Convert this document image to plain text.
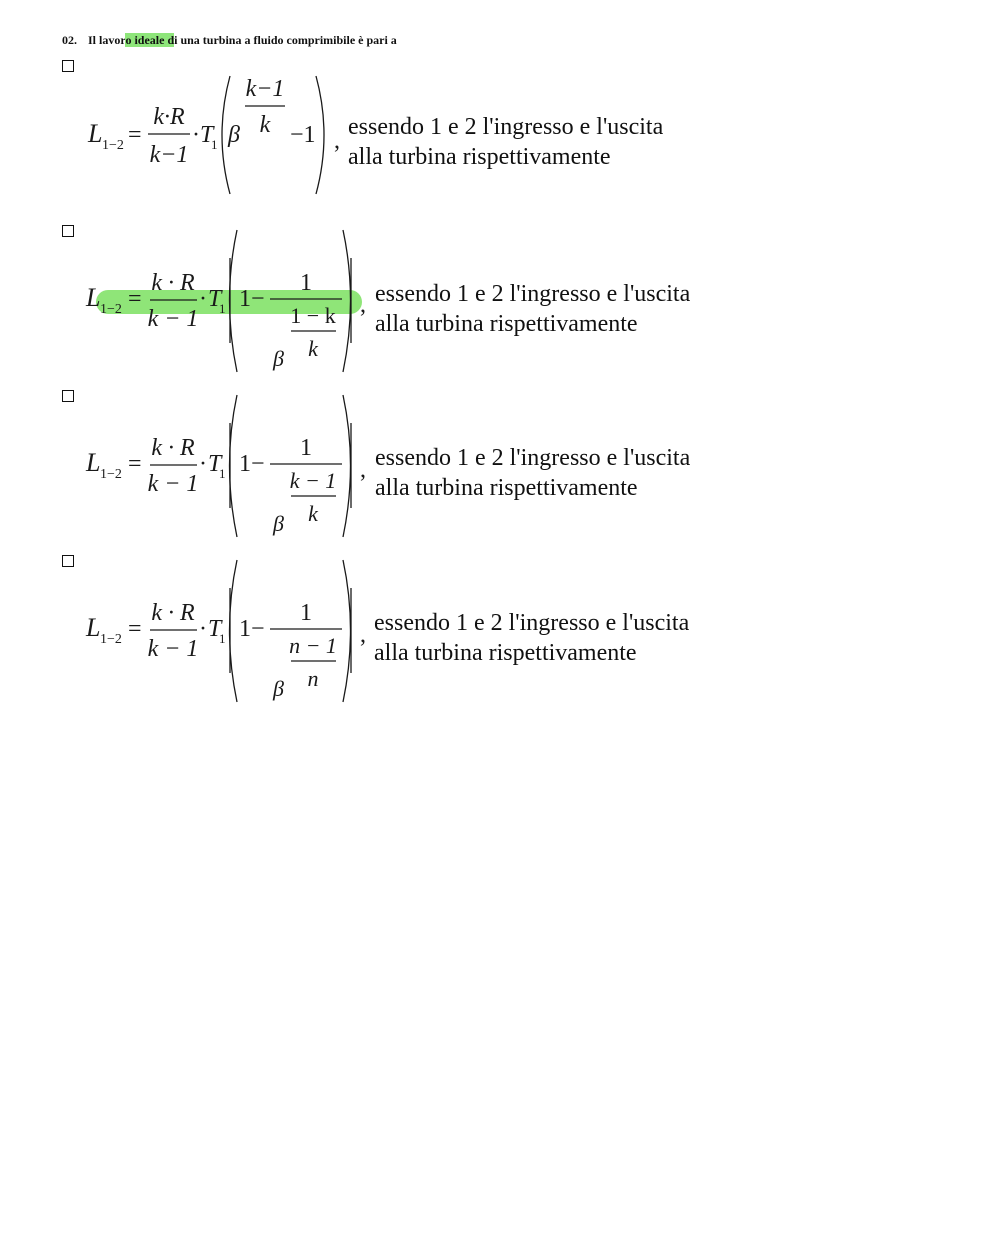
02. Il lavoro ideale di una turbina a fluido comprimibile è pari a
L 1−2 =
k·R
k−1
· T
1 β
k−1
k −1 ,
essendo 1 e 2 l'ingresso e l'uscita
alla turbina rispettivamente
L 1−2 =
k · R
k − 1
· T
1 1−
1
1 − k
k
β
, essendo 1 e 2 l'ingresso e l'uscita
alla turbina rispettivamente
L 1−2 =
k · R
k − 1
· T
1 1−
1
k − 1
k
β
, essendo 1 e 2 l'ingresso e l'uscita
alla turbina rispettivamente
L 1−2 =
k · R
k − 1
· T
1 1−
1
n − 1
n
β
, essendo 1 e 2 l'ingresso e l'uscita
alla turbina rispettivamente
